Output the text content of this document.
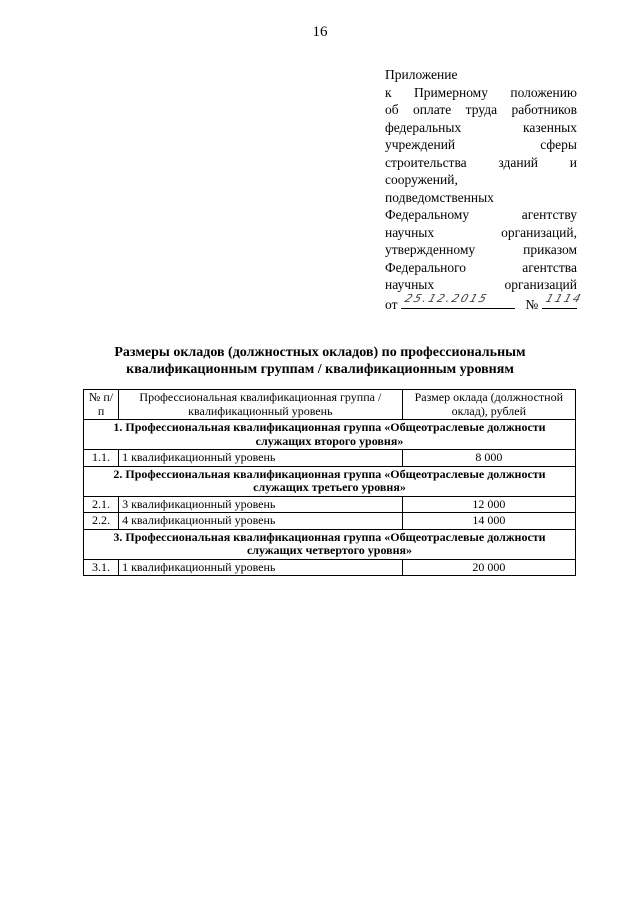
16
Приложение
к Примерному положению
об оплате труда работников
федеральных казенных
учреждений сферы
строительства зданий и
сооружений,
подведомственных
Федеральному агентству
научных организаций,
утвержденному приказом
Федерального агентства
научных организаций
от 25.12.2015	№ 1114
Размеры окладов (должностных окладов) по профессиональным
квалификационным группам / квалификационным уровням
№ п/п	Профессиональная квалификационная группа / квалификационный уровень	Размер оклада (должностной оклад), рублей
1. Профессиональная квалификационная группа «Общеотраслевые должности служащих второго уровня»		
1.1.	1 квалификационный уровень	8 000
2. Профессиональная квалификационная группа «Общеотраслевые должности служащих третьего уровня»		
2.1.	3 квалификационный уровень	12 000
2.2.	4 квалификационный уровень	14 000
3. Профессиональная квалификационная группа «Общеотраслевые должности служащих четвертого уровня»		
3.1.	1 квалификационный уровень	20 000
